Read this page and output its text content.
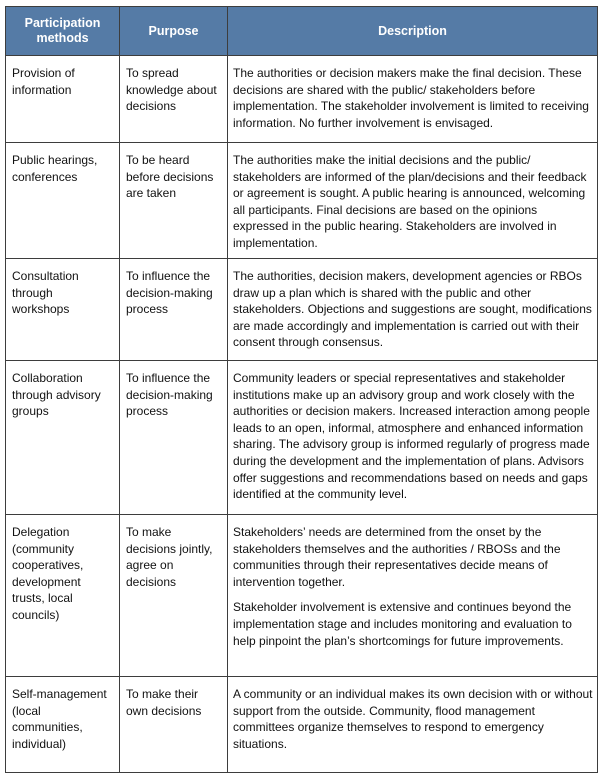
Participation methods	Purpose	Description
Provision of information	To spread knowledge about decisions	The authorities or decision makers make the final decision. These decisions are shared with the public/ stakeholders before implementation. The stakeholder involvement is limited to receiving information. No further involvement is envisaged.

Public hearings, conferences	To be heard before decisions are taken	The authorities make the initial decisions and the public/ stakeholders are informed of the plan/decisions and their feedback or agreement is sought. A public hearing is announced, welcoming all participants. Final decisions are based on the opinions expressed in the public hearing. Stakeholders are involved in implementation.

Consultation through workshops	To influence the decision-making process	The authorities, decision makers, development agencies or RBOs draw up a plan which is shared with the public and other stakeholders. Objections and suggestions are sought, modifications are made accordingly and implementation is carried out with their consent through consensus.

Collaboration through advisory groups	To influence the decision-making process	Community leaders or special representatives and stakeholder institutions make up an advisory group and work closely with the authorities or decision makers. Increased interaction among people leads to an open, informal, atmosphere and enhanced information sharing. The advisory group is informed regularly of progress made during the development and the implementation of plans. Advisors offer suggestions and recommendations based on needs and gaps identified at the community level.

Delegation (community cooperatives, development trusts, local councils)	To make decisions jointly, agree on decisions	Stakeholders’ needs are determined from the onset by the stakeholders themselves and the authorities / RBOSs and the communities through their representatives decide means of intervention together.
Stakeholder involvement is extensive and continues beyond the implementation stage and includes monitoring and evaluation to help pinpoint the plan’s shortcomings for future improvements.

Self-management (local communities, individual)	To make their own decisions	A community or an individual makes its own decision with or without support from the outside. Community, flood management committees organize themselves to respond to emergency situations.
